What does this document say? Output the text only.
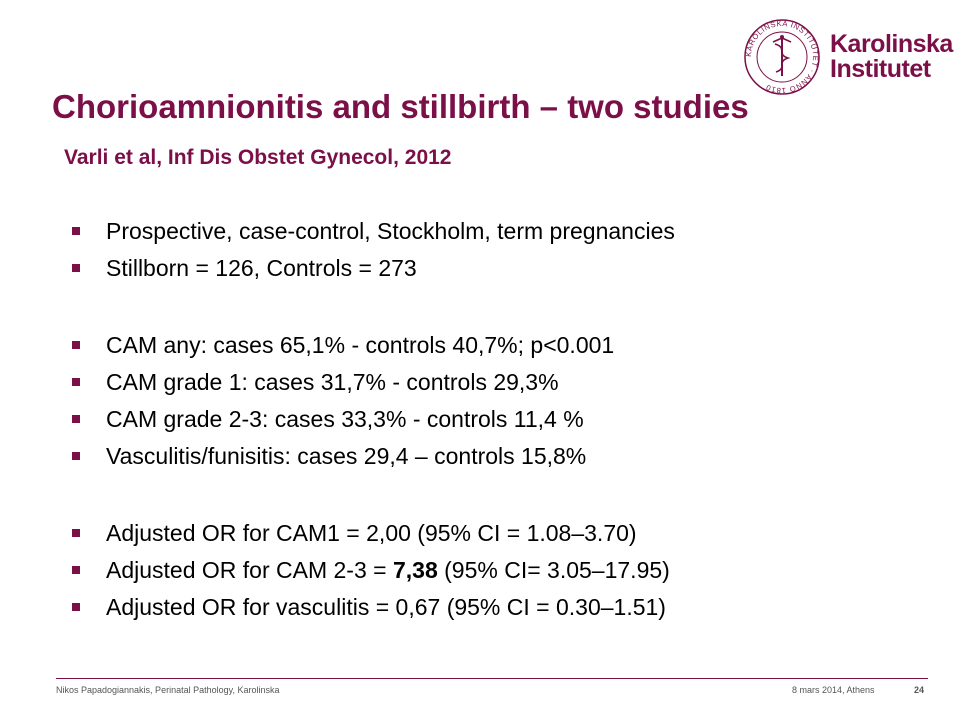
KAROLINSKA INSTITUTET · ANNO 1810
Karolinska
Institutet
Chorioamnionitis and stillbirth – two studies
Varli et al, Inf Dis Obstet Gynecol, 2012
Prospective, case-control, Stockholm, term pregnancies
Stillborn = 126, Controls = 273
CAM any: cases 65,1% - controls 40,7%; p<0.001
CAM grade 1: cases 31,7% - controls 29,3%
CAM grade 2-3: cases 33,3% - controls 11,4 %
Vasculitis/funisitis: cases 29,4 – controls 15,8%
Adjusted OR for CAM1 = 2,00 (95% CI = 1.08–3.70)
Adjusted OR for CAM 2-3 = 7,38 (95% CI= 3.05–17.95)
Adjusted OR for vasculitis = 0,67 (95% CI = 0.30–1.51)
Nikos Papadogiannakis, Perinatal Pathology, Karolinska	8 mars 2014, Athens	24
